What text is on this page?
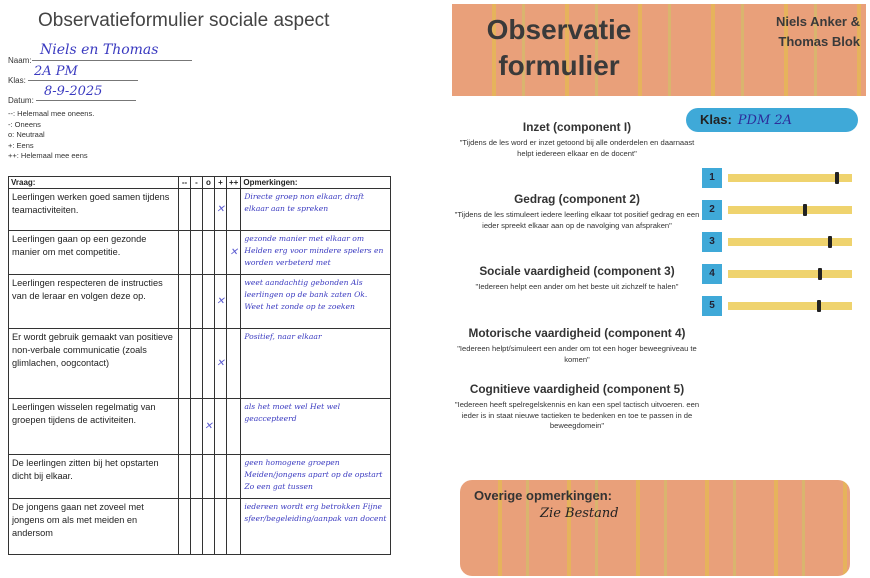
Observatieformulier sociale aspect
Naam:
Niels en Thomas
Klas:
2A PM
Datum:
8-9-2025
--: Helemaal mee oneens.
-: Oneens
o: Neutraal
+: Eens
++: Helemaal mee eens
Vraag:	--	-	o	+	++	Opmerkingen:
Leerlingen werken goed samen tijdens teamactiviteiten.				✕		Directe groep non elkaar, draft elkaar aan te spreken
Leerlingen gaan op een gezonde manier om met competitie.					✕	gezonde manier met elkaar om Helden erg voor mindere spelers en worden verbeterd met
Leerlingen respecteren de instructies van de leraar en volgen deze op.				✕		weet aandachtig gebonden Als leerlingen op de bank zaten Ok. Weet het zonde op te zoeken
Er wordt gebruik gemaakt van positieve non-verbale communicatie (zoals glimlachen, oogcontact)				✕		Positief, naar elkaar
Leerlingen wisselen regelmatig van groepen tijdens de activiteiten.			✕			als het moet wel Het wel geaccepteerd
De leerlingen zitten bij het opstarten dicht bij elkaar.						geen homogene groepen Meiden/jongens apart op de opstart Zo een gat tussen
De jongens gaan net zoveel met jongens om als met meiden en andersom						iedereen wordt erg betrokken Fijne sfeer/begeleiding/aanpak van docent
Observatie
formulier
Niels Anker &
Thomas Blok
Klas: PDM 2A
Inzet (component I)

"Tijdens de les word er inzet getoond bij alle onderdelen en daarnaast helpt iedereen elkaar en de docent"

Gedrag (component 2)

"Tijdens de les stimuleert iedere leerling elkaar tot positief gedrag en een ieder spreekt elkaar aan op de navolging van afspraken"

Sociale vaardigheid (component 3)

"Iedereen helpt een ander om het beste uit zichzelf te halen"

Motorische vaardigheid (component 4)

"Iedereen helpt/simuleert een ander om tot een hoger beweegniveau te komen"

Cognitieve vaardigheid (component 5)

"Iedereen heeft spelregelskennis en kan een spel tactisch uitvoeren. een ieder is in staat nieuwe tactieken te bedenken en toe te passen in de beweegdomein"

1
2
3
4
5
Overige opmerkingen:
Zie Bestand
